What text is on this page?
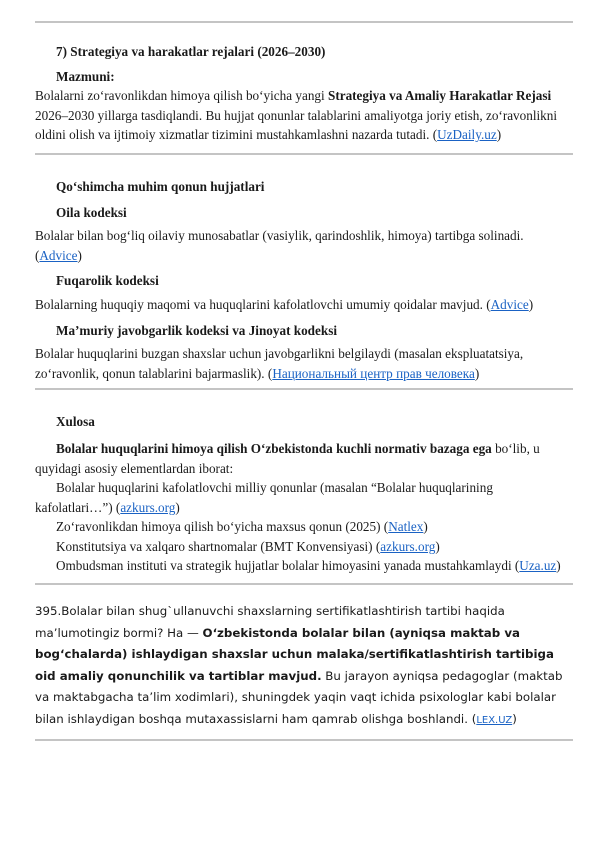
7) Strategiya va harakatlar rejalari (2026–2030)

Mazmuni:

Bolalarni zo‘ravonlikdan himoya qilish bo‘yicha yangi Strategiya va Amaliy Harakatlar Rejasi 2026–2030 yillarga tasdiqlandi. Bu hujjat qonunlar talablarini amaliyotga joriy etish, zo‘ravonlikni oldini olish va ijtimoiy xizmatlar tizimini mustahkamlashni nazarda tutadi. (UzDaily.uz)

Qo‘shimcha muhim qonun hujjatlari

Oila kodeksi

Bolalar bilan bog‘liq oilaviy munosabatlar (vasiylik, qarindoshlik, himoya) tartibga solinadi. (Advice)

Fuqarolik kodeksi

Bolalarning huquqiy maqomi va huquqlarini kafolatlovchi umumiy qoidalar mavjud. (Advice)

Ma’muriy javobgarlik kodeksi va Jinoyat kodeksi

Bolalar huquqlarini buzgan shaxslar uchun javobgarlikni belgilaydi (masalan ekspluatatsiya, zo‘ravonlik, qonun talablarini bajarmaslik). (Национальный центр прав человека)

Xulosa

Bolalar huquqlarini himoya qilish O‘zbekistonda kuchli normativ bazaga ega bo‘lib, u quyidagi asosiy elementlardan iborat:

Bolalar huquqlarini kafolatlovchi milliy qonunlar (masalan “Bolalar huquqlarining kafolatlari…”) (azkurs.org)

Zo‘ravonlikdan himoya qilish bo‘yicha maxsus qonun (2025) (Natlex)

Konstitutsiya va xalqaro shartnomalar (BMT Konvensiyasi) (azkurs.org)

Ombudsman instituti va strategik hujjatlar bolalar himoyasini yanada mustahkamlaydi (Uza.uz)

395.Bolalar bilan shug`ullanuvchi shaxslarning sertifikatlashtirish tartibi haqida ma’lumotingiz bormi? Ha — O‘zbekistonda bolalar bilan (ayniqsa maktab va bog‘chalarda) ishlaydigan shaxslar uchun malaka/sertifikatlashtirish tartibiga oid amaliy qonunchilik va tartiblar mavjud. Bu jarayon ayniqsa pedagoglar (maktab va maktabgacha ta’lim xodimlari), shuningdek yaqin vaqt ichida psixologlar kabi bolalar bilan ishlaydigan boshqa mutaxassislarni ham qamrab olishga boshlandi. (LEX.UZ)
